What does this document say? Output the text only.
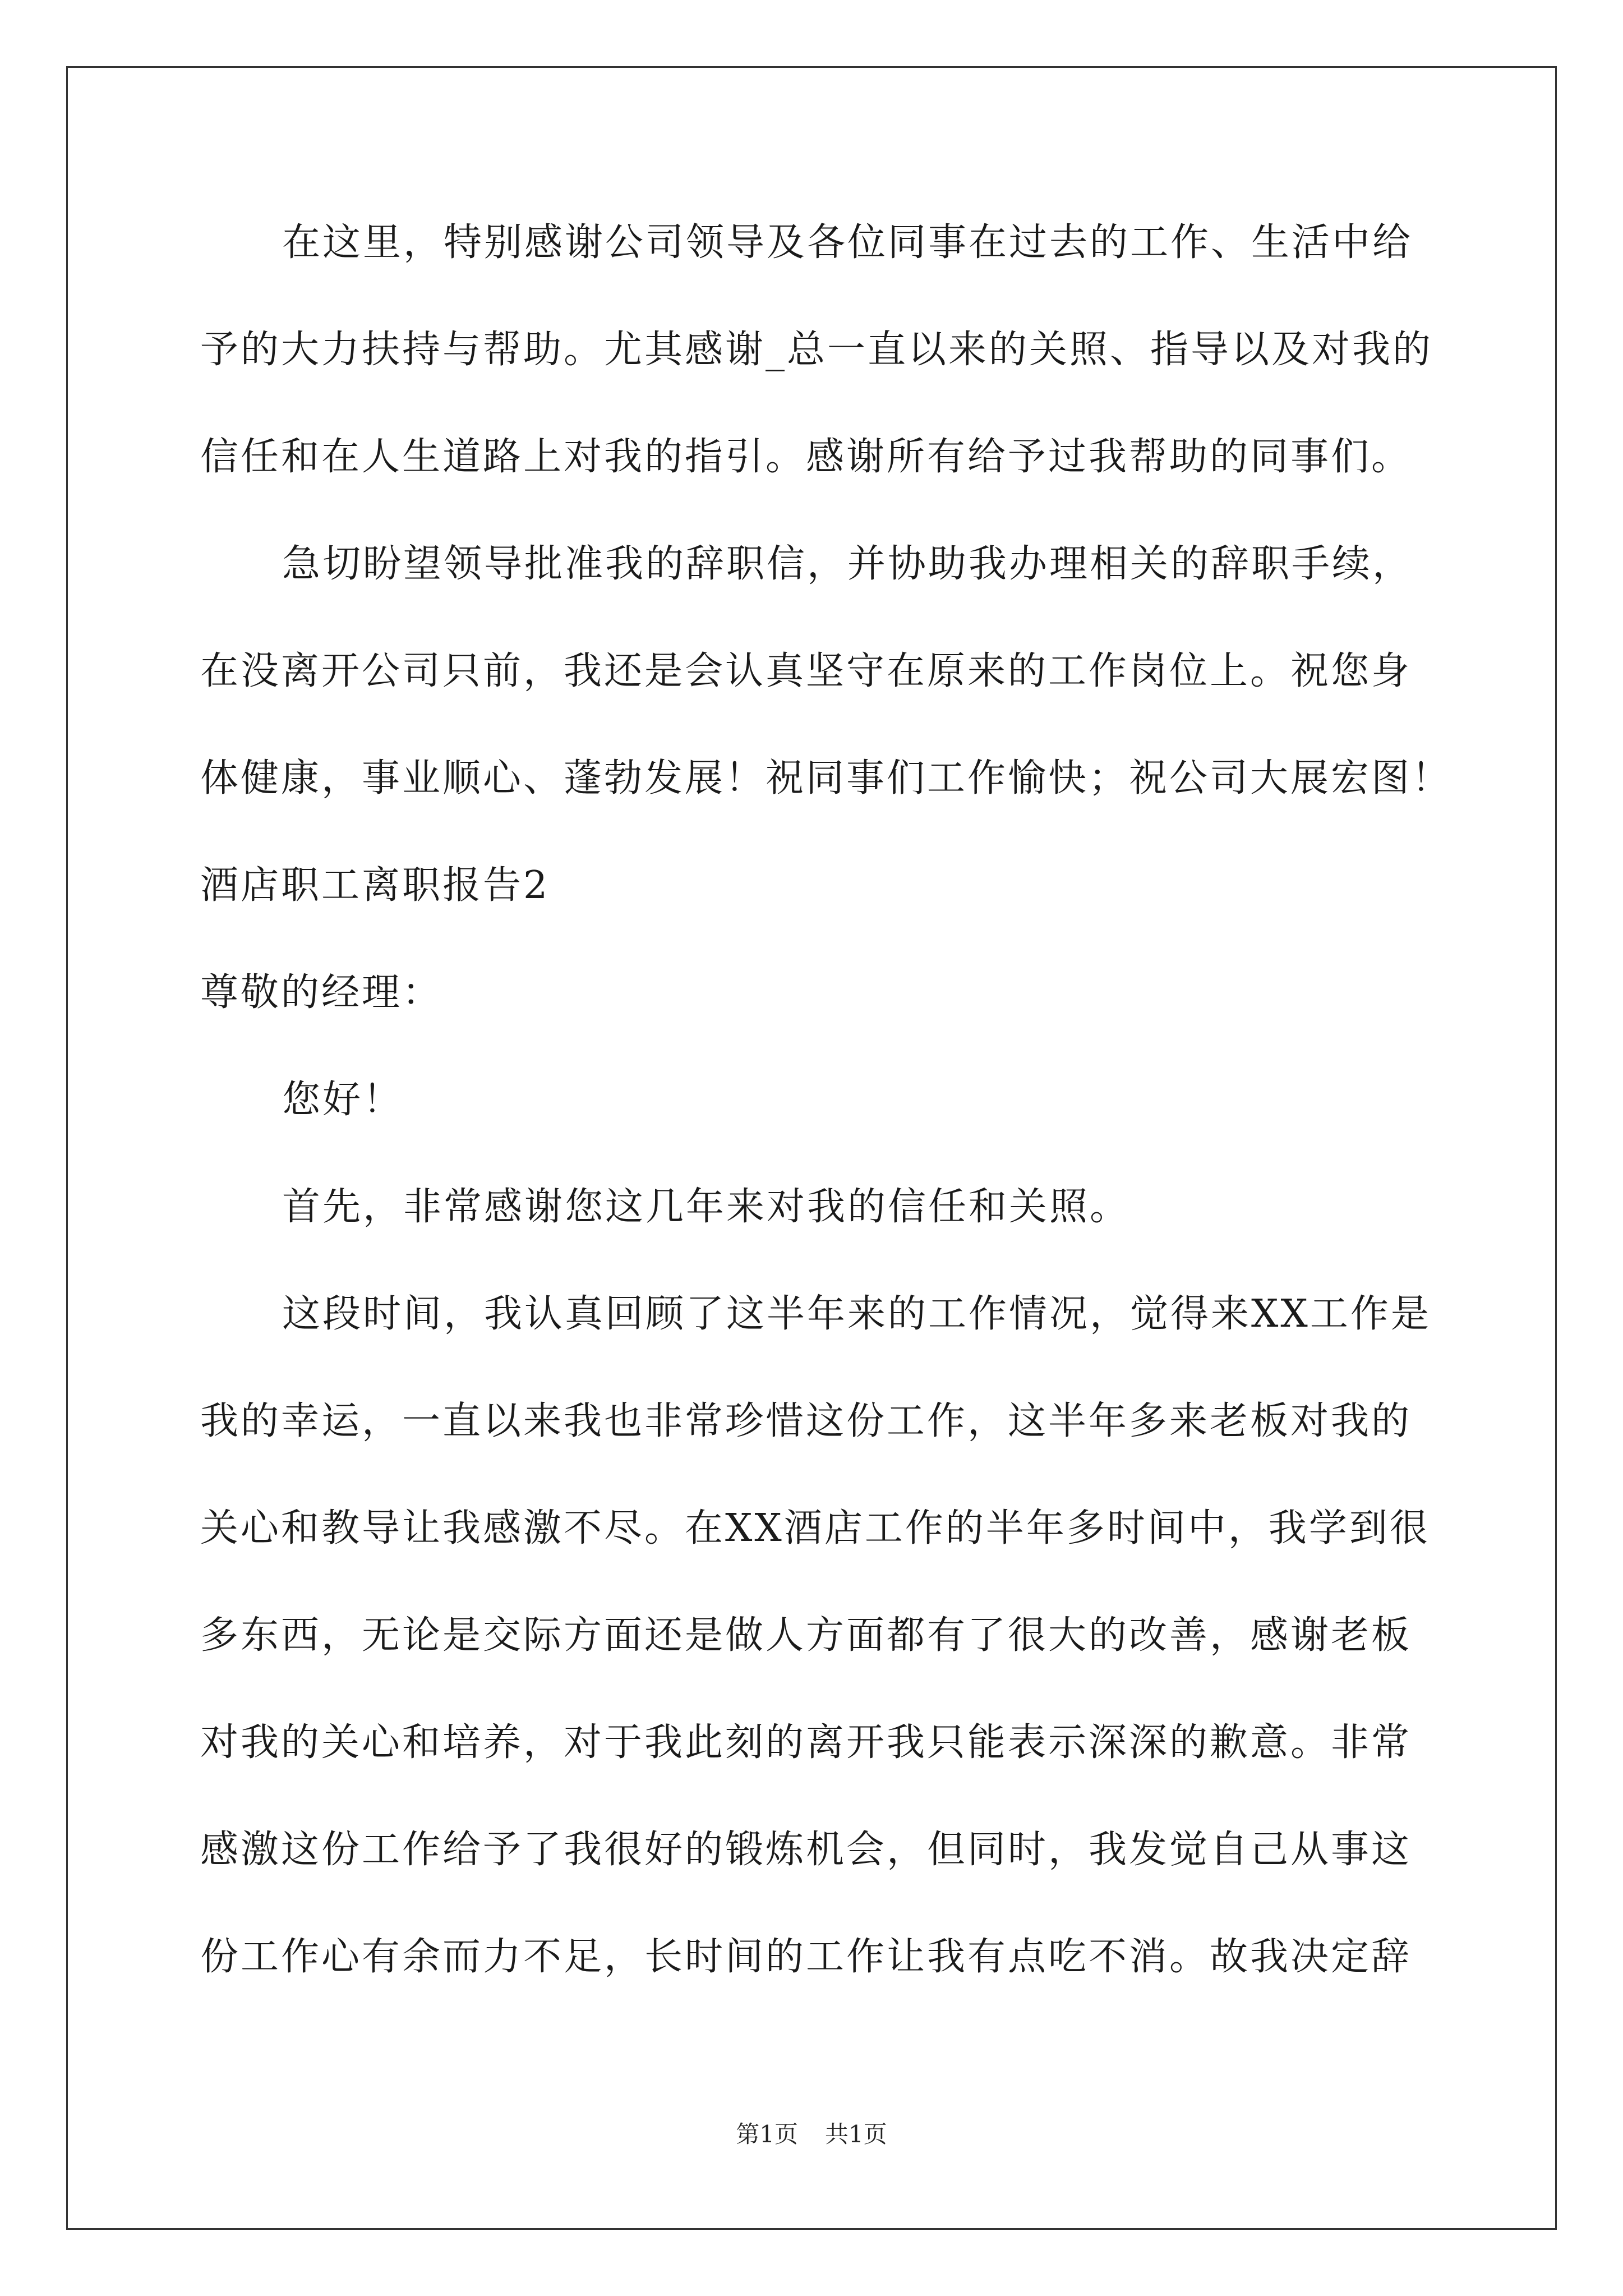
在这里，特别感谢公司领导及各位同事在过去的工作、生活中给
予的大力扶持与帮助。尤其感谢_总一直以来的关照、指导以及对我的
信任和在人生道路上对我的指引。感谢所有给予过我帮助的同事们。
急切盼望领导批准我的辞职信，并协助我办理相关的辞职手续，
在没离开公司只前，我还是会认真坚守在原来的工作岗位上。祝您身
体健康，事业顺心、蓬勃发展！祝同事们工作愉快；祝公司大展宏图！
酒店职工离职报告2
尊敬的经理：
您好！
首先，非常感谢您这几年来对我的信任和关照。
这段时间，我认真回顾了这半年来的工作情况，觉得来XX工作是
我的幸运，一直以来我也非常珍惜这份工作，这半年多来老板对我的
关心和教导让我感激不尽。在XX酒店工作的半年多时间中，我学到很
多东西，无论是交际方面还是做人方面都有了很大的改善，感谢老板
对我的关心和培养，对于我此刻的离开我只能表示深深的歉意。非常
感激这份工作给予了我很好的锻炼机会，但同时，我发觉自己从事这
份工作心有余而力不足，长时间的工作让我有点吃不消。故我决定辞
第1页 共1页
